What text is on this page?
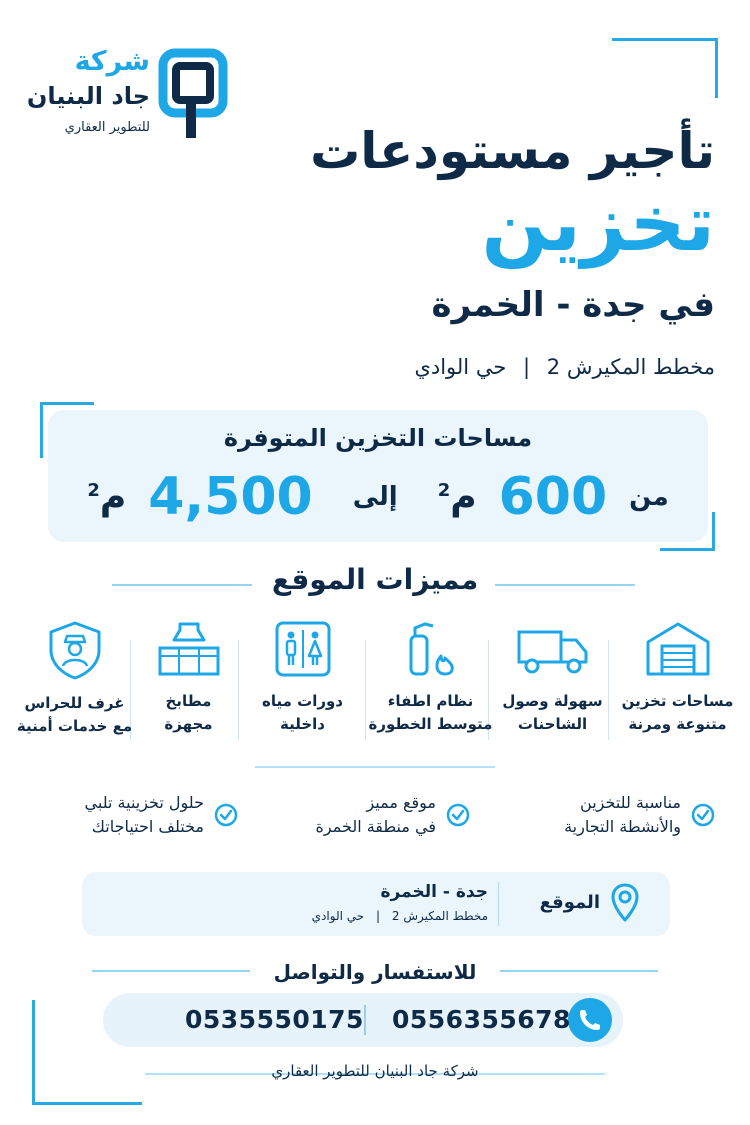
شركة
جاد البنيان
للتطوير العقاري	تأجير مستودعات
تخزين
في جدة - الخمرة
مخطط المكيرش 2 | حي الوادي
مساحات التخزين المتوفرة
من
600
م$^2$
إلى
4,500
م$^2$
مميزات الموقع
مساحات تخزين
متنوعة ومرنة
سهولة وصول
الشاحنات
نظام اطفاء
متوسط الخطورة
دورات مياه
داخلية
مطابخ
مجهزة
غرف للحراس
مع خدمات أمنية
مناسبة للتخزين
والأنشطة التجارية
موقع مميز
في منطقة الخمرة
حلول تخزينية تلبي
مختلف احتياجاتك
الموقع
جدة - الخمرة
مخطط المكيرش 2 | حي الوادي
للاستفسار والتواصل
0556355678
0535550175
شركة جاد البنيان للتطوير العقاري
